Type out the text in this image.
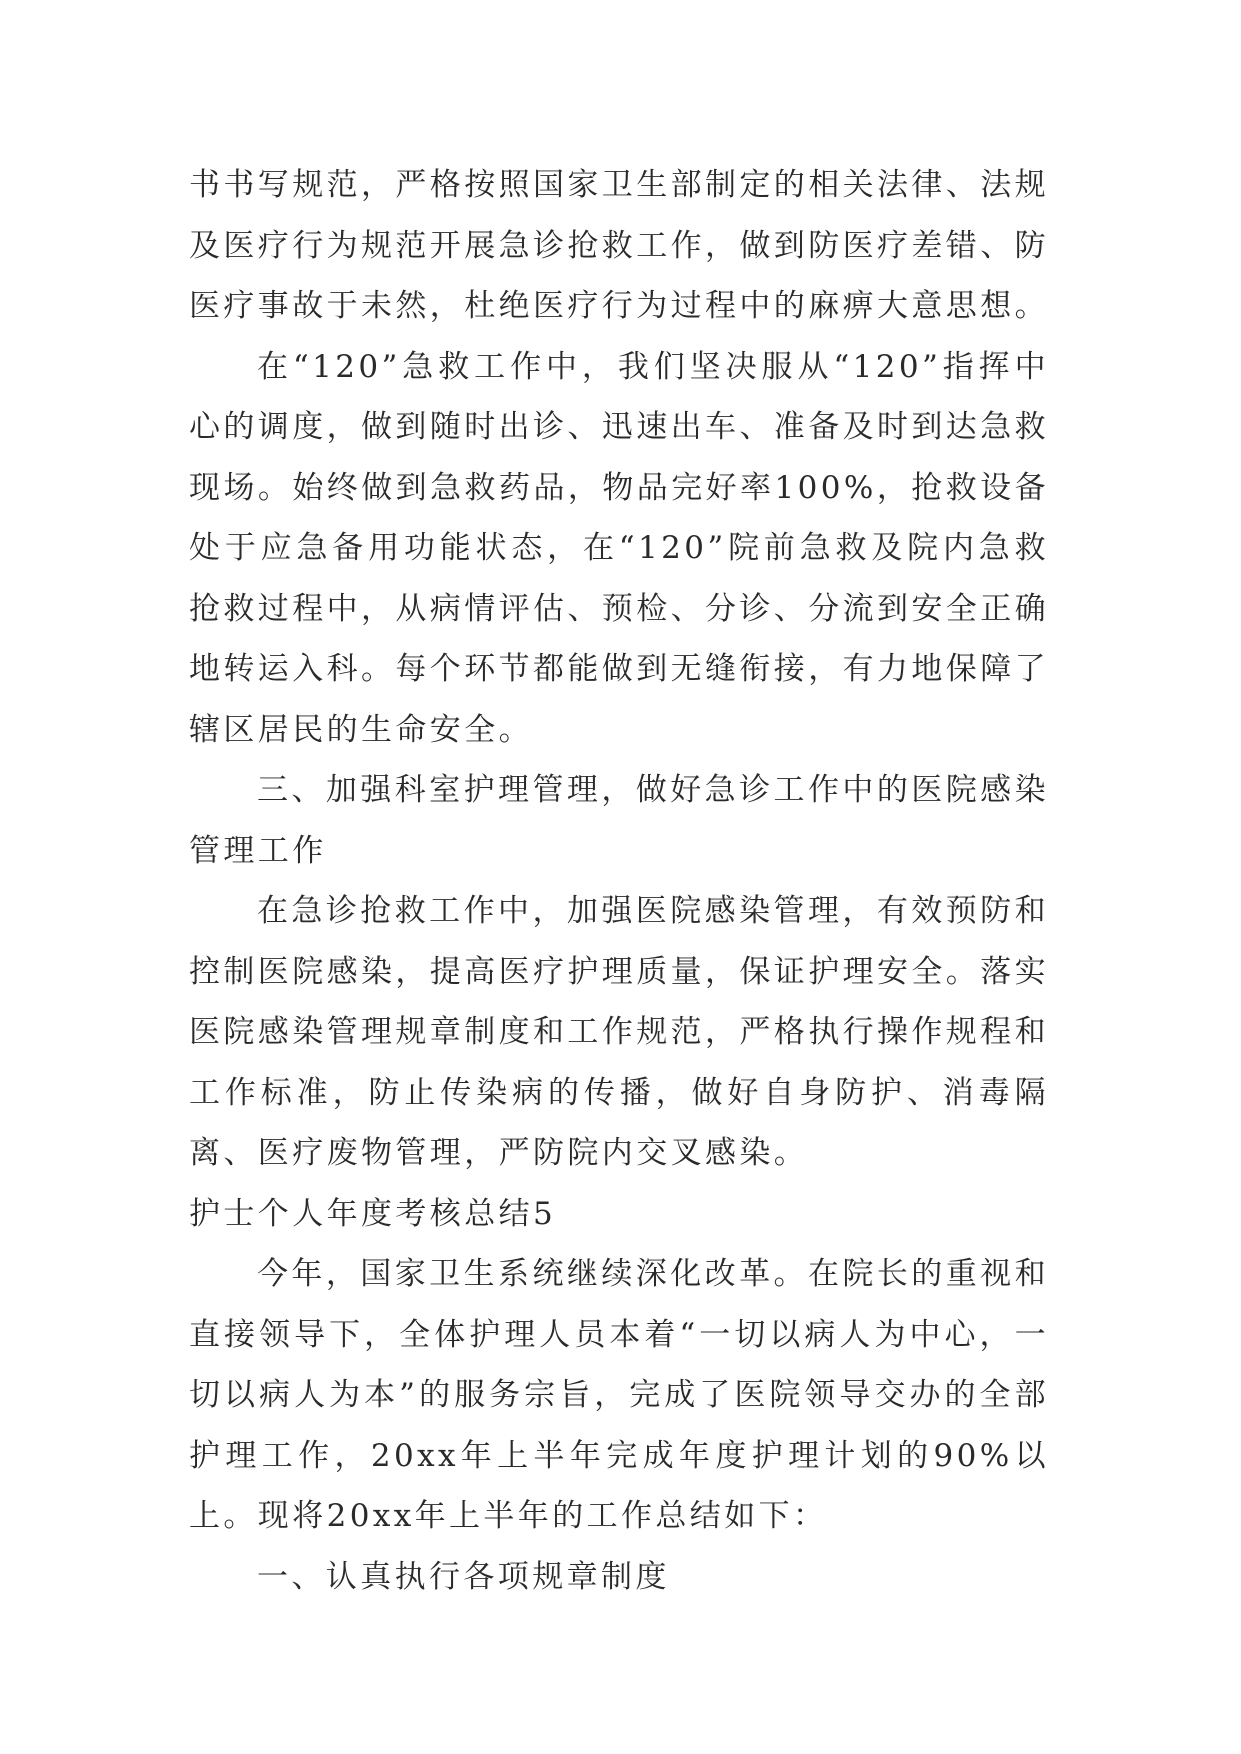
书书写规范，严格按照国家卫生部制定的相关法律、法规及医疗行为规范开展急诊抢救工作，做到防医疗差错、防医疗事故于未然，杜绝医疗行为过程中的麻痹大意思想。

在“120”急救工作中，我们坚决服从“120”指挥中心的调度，做到随时出诊、迅速出车、准备及时到达急救现场。始终做到急救药品，物品完好率100%，抢救设备处于应急备用功能状态，在“120”院前急救及院内急救抢救过程中，从病情评估、预检、分诊、分流到安全正确地转运入科。每个环节都能做到无缝衔接，有力地保障了辖区居民的生命安全。

三、加强科室护理管理，做好急诊工作中的医院感染管理工作

在急诊抢救工作中，加强医院感染管理，有效预防和控制医院感染，提高医疗护理质量，保证护理安全。落实医院感染管理规章制度和工作规范，严格执行操作规程和工作标准，防止传染病的传播，做好自身防护、消毒隔离、医疗废物管理，严防院内交叉感染。

护士个人年度考核总结5

今年，国家卫生系统继续深化改革。在院长的重视和直接领导下，全体护理人员本着“一切以病人为中心，一切以病人为本”的服务宗旨，完成了医院领导交办的全部护理工作，20xx年上半年完成年度护理计划的90%以上。现将20xx年上半年的工作总结如下：

一、认真执行各项规章制度
